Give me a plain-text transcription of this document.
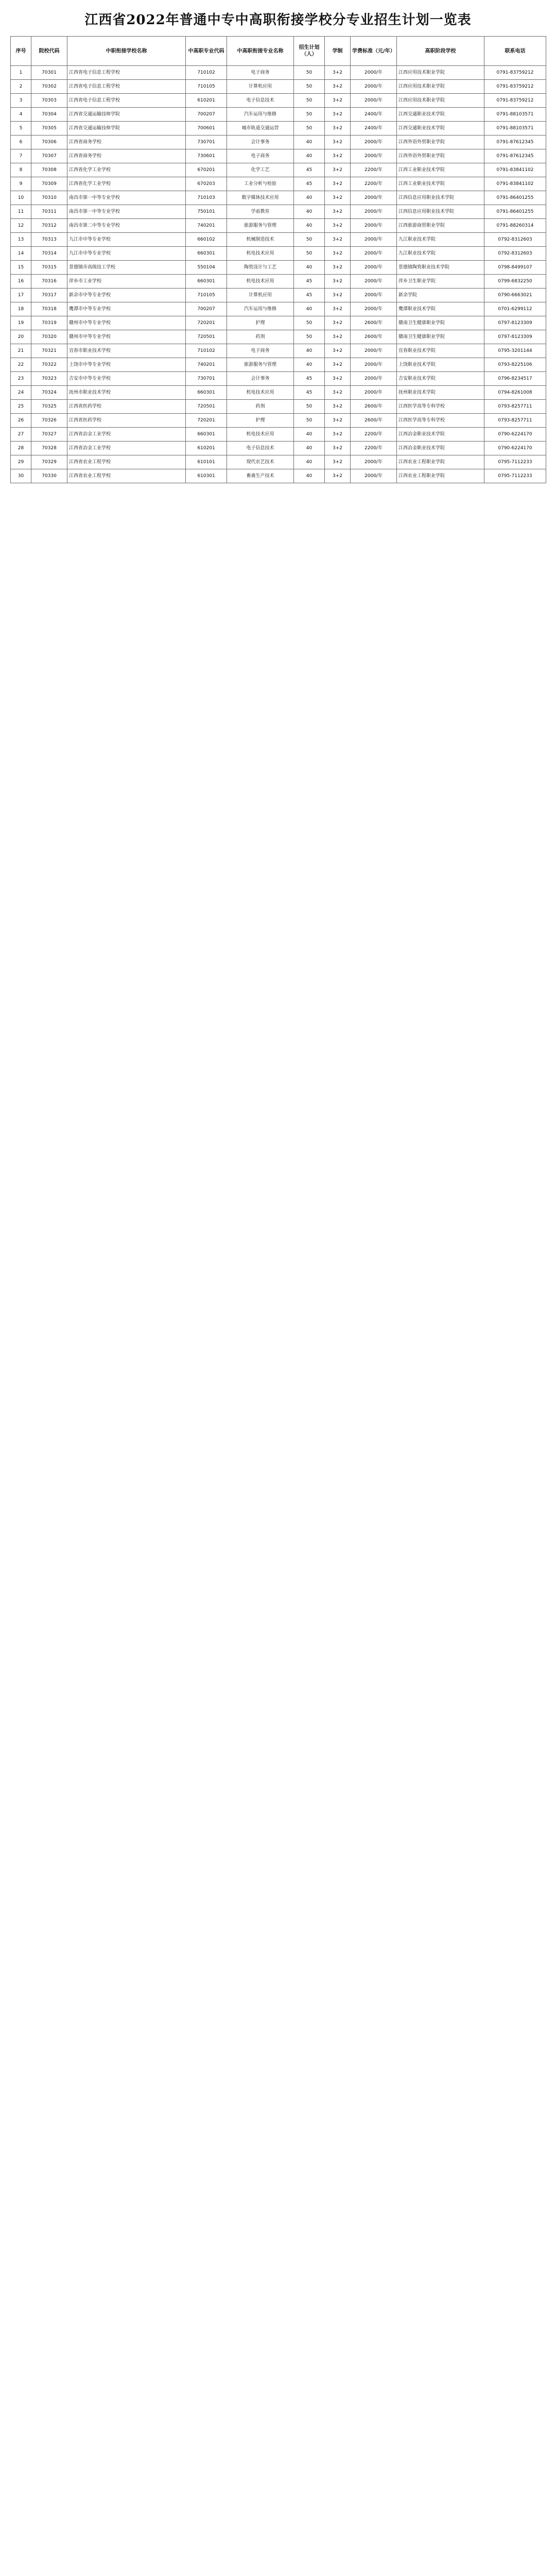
江西省2022年普通中专中高职衔接学校分专业招生计划一览表
序号	院校代码	中职衔接学校名称	中高职专业代码	中高职衔接专业名称	招生计划（人）	学制	学费标准（元/年）	高职阶段学校	联系电话
1	70301	江西省电子信息工程学校	710102	电子商务	50	3+2	2000/年	江西应用技术职业学院	0791-83759212
2	70302	江西省电子信息工程学校	710105	计算机应用	50	3+2	2000/年	江西应用技术职业学院	0791-83759212
3	70303	江西省电子信息工程学校	610201	电子信息技术	50	3+2	2000/年	江西应用技术职业学院	0791-83759212
4	70304	江西省交通运输技师学院	700207	汽车运用与维修	50	3+2	2400/年	江西交通职业技术学院	0791-88103571
5	70305	江西省交通运输技师学院	700601	城市轨道交通运营	50	3+2	2400/年	江西交通职业技术学院	0791-88103571
6	70306	江西省商务学校	730701	会计事务	40	3+2	2000/年	江西外语外贸职业学院	0791-87612345
7	70307	江西省商务学校	730601	电子商务	40	3+2	2000/年	江西外语外贸职业学院	0791-87612345
8	70308	江西省化学工业学校	670201	化学工艺	45	3+2	2200/年	江西工业职业技术学院	0791-83841102
9	70309	江西省化学工业学校	670203	工业分析与检验	45	3+2	2200/年	江西工业职业技术学院	0791-83841102
10	70310	南昌市第一中等专业学校	710103	数字媒体技术应用	40	3+2	2000/年	江西信息应用职业技术学院	0791-86401255
11	70311	南昌市第一中等专业学校	750101	学前教育	40	3+2	2000/年	江西信息应用职业技术学院	0791-86401255
12	70312	南昌市第二中等专业学校	740201	旅游服务与管理	40	3+2	2000/年	江西旅游商贸职业学院	0791-88260314
13	70313	九江市中等专业学校	660102	机械制造技术	50	3+2	2000/年	九江职业技术学院	0792-8312603
14	70314	九江市中等专业学校	660301	机电技术应用	50	3+2	2000/年	九江职业技术学院	0792-8312603
15	70315	景德镇市高级技工学校	550104	陶瓷设计与工艺	40	3+2	2000/年	景德镇陶瓷职业技术学院	0798-8499107
16	70316	萍乡市工业学校	660301	机电技术应用	45	3+2	2000/年	萍乡卫生职业学院	0799-6832250
17	70317	新余市中等专业学校	710105	计算机应用	45	3+2	2000/年	新余学院	0790-6663021
18	70318	鹰潭市中等专业学校	700207	汽车运用与维修	40	3+2	2000/年	鹰潭职业技术学院	0701-6299112
19	70319	赣州市中等专业学校	720201	护理	50	3+2	2600/年	赣南卫生健康职业学院	0797-8123309
20	70320	赣州市中等专业学校	720501	药剂	50	3+2	2600/年	赣南卫生健康职业学院	0797-8123309
21	70321	宜春市职业技术学校	710102	电子商务	40	3+2	2000/年	宜春职业技术学院	0795-3201144
22	70322	上饶市中等专业学校	740201	旅游服务与管理	40	3+2	2000/年	上饶职业技术学院	0793-8225106
23	70323	吉安市中等专业学校	730701	会计事务	45	3+2	2000/年	吉安职业技术学院	0796-8234517
24	70324	抚州市职业技术学校	660301	机电技术应用	45	3+2	2000/年	抚州职业技术学院	0794-8261008
25	70325	江西省医药学校	720501	药剂	50	3+2	2600/年	江西医学高等专科学校	0793-8257711
26	70326	江西省医药学校	720201	护理	50	3+2	2600/年	江西医学高等专科学校	0793-8257711
27	70327	江西省冶金工业学校	660301	机电技术应用	40	3+2	2200/年	江西冶金职业技术学院	0790-6224170
28	70328	江西省冶金工业学校	610201	电子信息技术	40	3+2	2200/年	江西冶金职业技术学院	0790-6224170
29	70329	江西省农业工程学校	610101	现代农艺技术	40	3+2	2000/年	江西农业工程职业学院	0795-7112233
30	70330	江西省农业工程学校	610301	畜禽生产技术	40	3+2	2000/年	江西农业工程职业学院	0795-7112233
